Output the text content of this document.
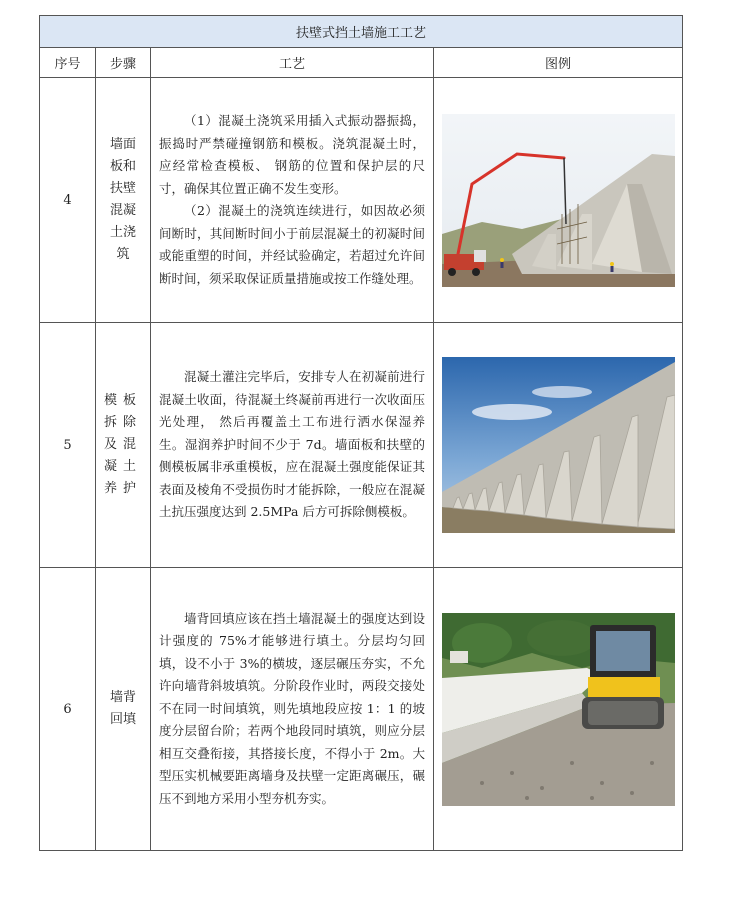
扶壁式挡土墙施工工艺			
序号	步骤	工艺	图例
4	墙面板和扶壁混凝土浇筑	（1）混凝土浇筑采用插入式振动器振捣，振捣时严禁碰撞钢筋和模板。浇筑混凝土时， 应经常检查模板、 钢筋的位置和保护层的尺寸，确保其位置正确不发生变形。

（2）混凝土的浇筑连续进行，如因故必须间断时，其间断时间小于前层混凝土的初凝时间或能重塑的时间，并经试验确定，若超过允许间断时间，须采取保证质量措施或按工作缝处理。

5	模板拆除及混凝土养护	混凝土灌注完毕后，安排专人在初凝前进行混凝土收面，待混凝土终凝前再进行一次收面压光处理， 然后再覆盖土工布进行洒水保湿养生。湿润养护时间不少于 7d。墙面板和扶壁的侧模板属非承重模板，应在混凝土强度能保证其表面及棱角不受损伤时才能拆除，一般应在混凝土抗压强度达到 2.5MPa 后方可拆除侧模板。

6	墙背回填	墙背回填应该在挡土墙混凝土的强度达到设计强度的 75%才能够进行填土。分层均匀回填，设不小于 3%的横坡，逐层碾压夯实，不允许向墙背斜坡填筑。分阶段作业时，两段交接处不在同一时间填筑，则先填地段应按 1：1 的坡度分层留台阶；若两个地段同时填筑，则应分层相互交叠衔接，其搭接长度，不得小于 2m。大型压实机械要距离墙身及扶壁一定距离碾压，碾压不到地方采用小型夯机夯实。
